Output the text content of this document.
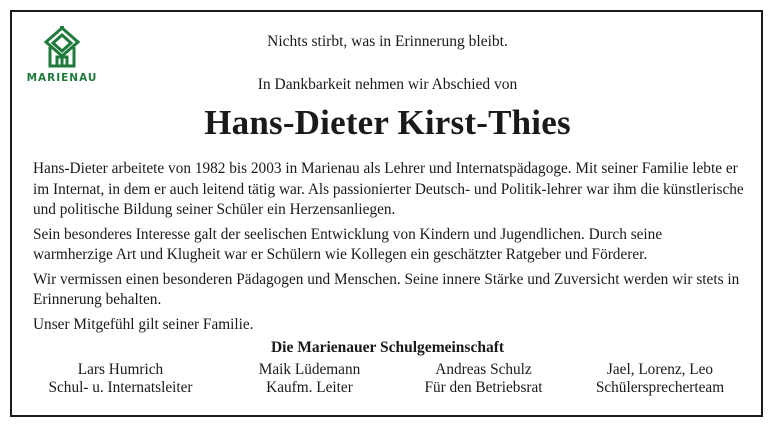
MARIENAU
Nichts stirbt, was in Erinnerung bleibt.
In Dankbarkeit nehmen wir Abschied von
Hans-Dieter Kirst-Thies

Hans-Dieter arbeitete von 1982 bis 2003 in Marienau als Lehrer und Internatspädagoge. Mit seiner Familie lebte er im Internat, in dem er auch leitend tätig war. Als passionierter Deutsch- und Politik-lehrer war ihm die künstlerische und politische Bildung seiner Schüler ein Herzensanliegen.

Sein besonderes Interesse galt der seelischen Entwicklung von Kindern und Jugendlichen. Durch seine warmherzige Art und Klugheit war er Schülern wie Kollegen ein geschätzter Ratgeber und Förderer.

Wir vermissen einen besonderen Pädagogen und Menschen. Seine innere Stärke und Zuversicht werden wir stets in Erinnerung behalten.

Unser Mitgefühl gilt seiner Familie.

Die Marienauer Schulgemeinschaft
Lars Humrich
Schul- u. Internatsleiter
Maik Lüdemann
Kaufm. Leiter
Andreas Schulz
Für den Betriebsrat
Jael, Lorenz, Leo
Schülersprecherteam
